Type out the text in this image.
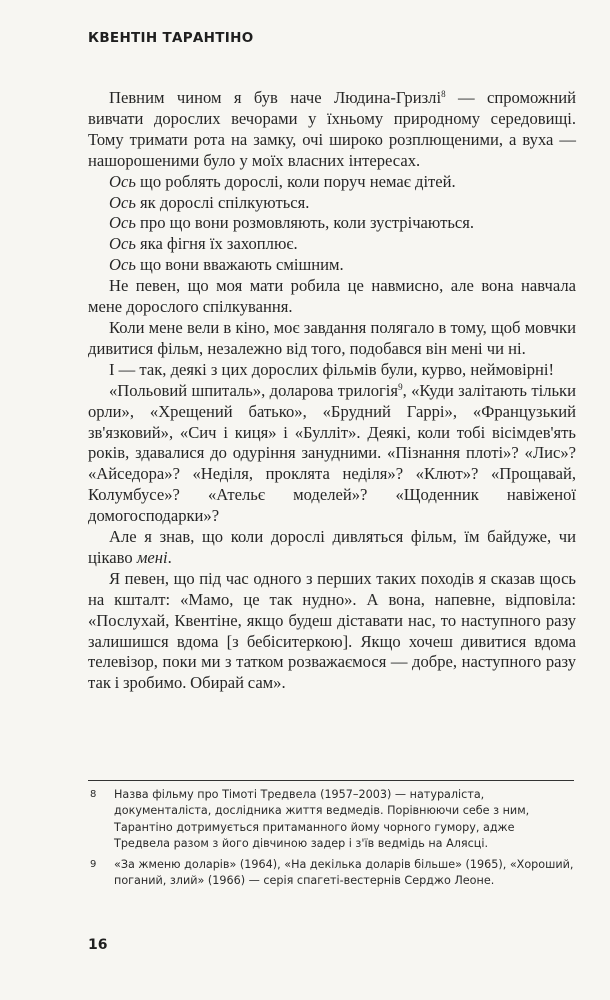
КВЕНТІН ТАРАНТІНО

Певним чином я був наче Людина-Гризлі$^8$ — спроможний вивчати дорослих вечорами у їхньому природному середовищі. Тому тримати рота на замку, очі широко розплющеними, а вуха — нашорошеними було у моїх власних інтересах.

Ось що роблять дорослі, коли поруч немає дітей.

Ось як дорослі спілкуються.

Ось про що вони розмовляють, коли зустрічаються.

Ось яка фігня їх захоплює.

Ось що вони вважають смішним.

Не певен, що моя мати робила це навмисно, але вона навчала мене дорослого спілкування.

Коли мене вели в кіно, моє завдання полягало в тому, щоб мовчки дивитися фільм, незалежно від того, подобався він мені чи ні.

І — так, деякі з цих дорослих фільмів були, курво, неймовірні!

«Польовий шпиталь», доларова трилогія$^9$, «Куди залітають тільки орли», «Хрещений батько», «Брудний Гаррі», «Французький зв'язковий», «Сич і киця» і «Булліт». Деякі, коли тобі вісімдев'ять років, здавалися до одуріння занудними. «Пізнання плоті»? «Лис»? «Айседора»? «Неділя, проклята неділя»? «Клют»? «Прощавай, Колумбусе»? «Ательє моделей»? «Щоденник навіженої домогосподарки»?

Але я знав, що коли дорослі дивляться фільм, їм байдуже, чи цікаво мені.

Я певен, що під час одного з перших таких походів я сказав щось на кшталт: «Мамо, це так нудно». А вона, напевне, відповіла: «Послухай, Квентіне, якщо будеш діставати нас, то наступного разу залишишся вдома [з бебіситеркою]. Якщо хочеш дивитися вдома телевізор, поки ми з татком розважаємося — добре, наступного разу так і зробимо. Обирай сам».

8 Назва фільму про Тімоті Тредвела (1957–2003) — натураліста, документаліста, дослідника життя ведмедів. Порівнюючи себе з ним, Тарантіно дотримується притаманного йому чорного гумору, адже Тредвела разом з його дівчиною задер і з'їв ведмідь на Алясці.
9 «За жменю доларів» (1964), «На декілька доларів більше» (1965), «Хороший, поганий, злий» (1966) — серія спагеті-вестернів Серджо Леоне.
16
